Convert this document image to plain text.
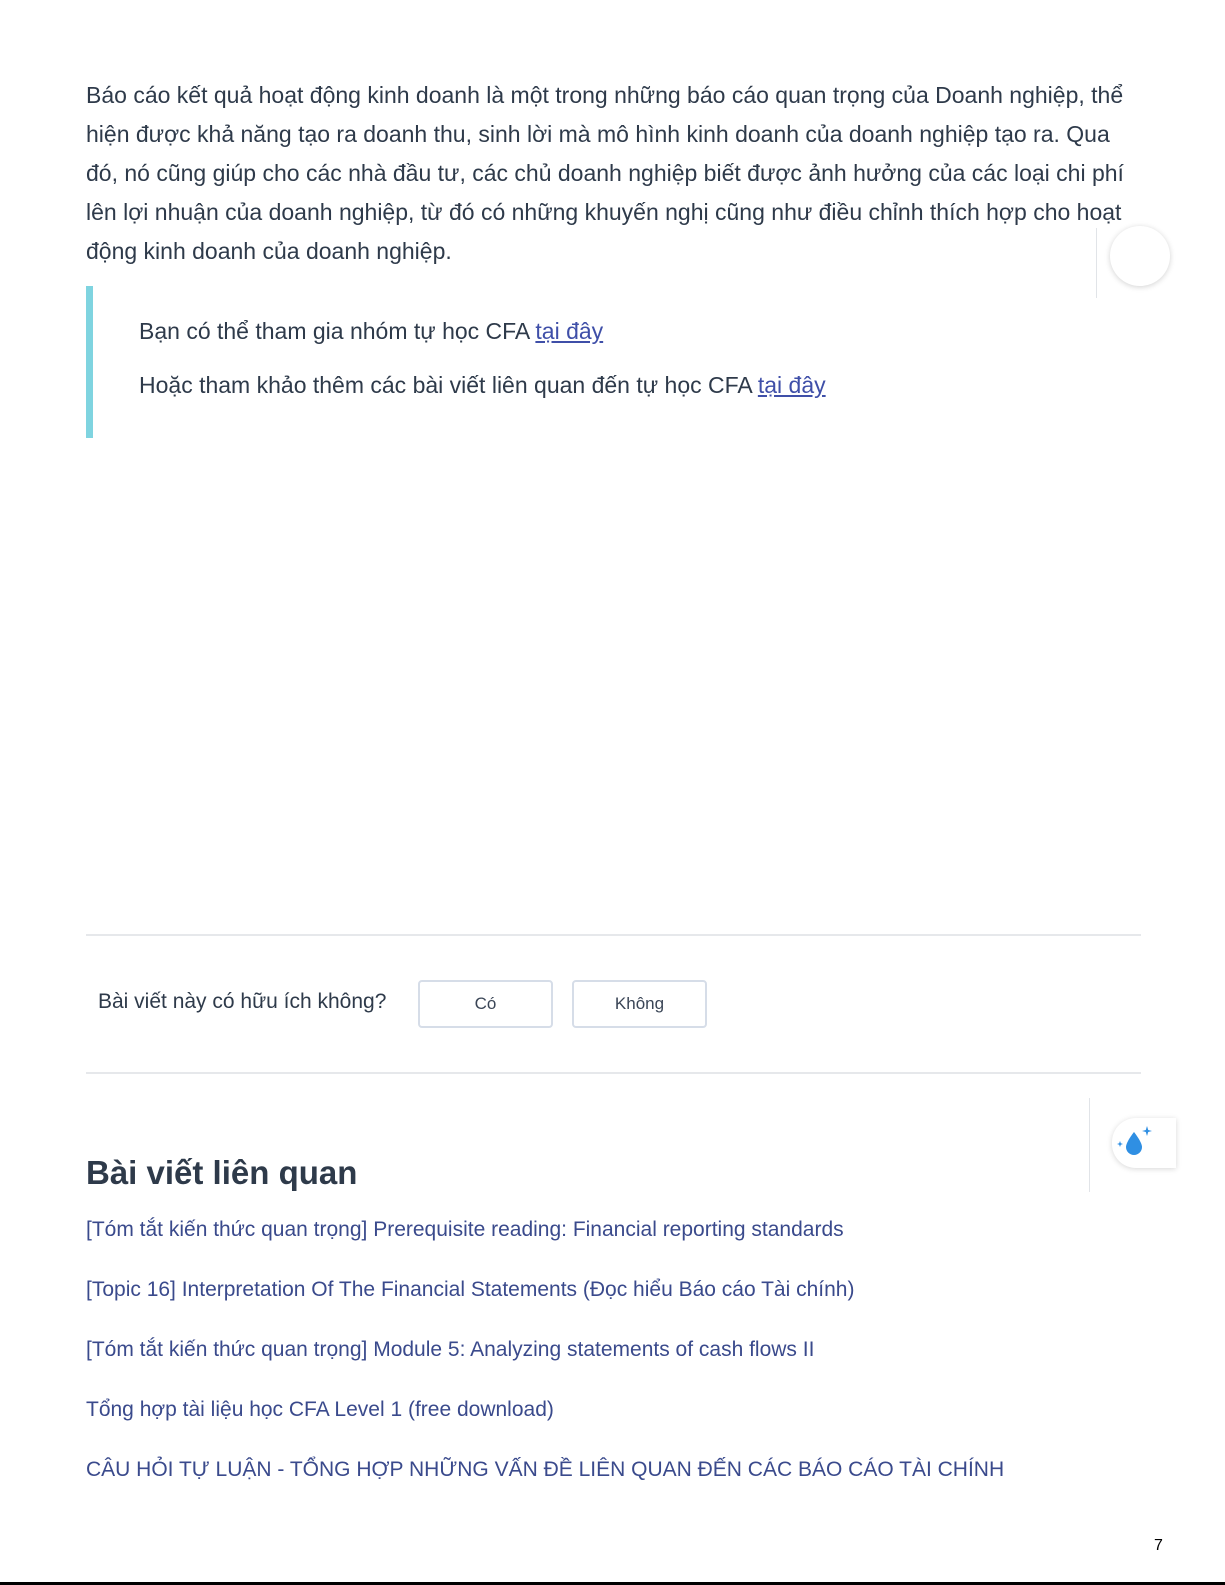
Báo cáo kết quả hoạt động kinh doanh là một trong những báo cáo quan trọng của Doanh nghiệp, thể hiện được khả năng tạo ra doanh thu, sinh lời mà mô hình kinh doanh của doanh nghiệp tạo ra. Qua đó, nó cũng giúp cho các nhà đầu tư, các chủ doanh nghiệp biết được ảnh hưởng của các loại chi phí lên lợi nhuận của doanh nghiệp, từ đó có những khuyến nghị cũng như điều chỉnh thích hợp cho hoạt động kinh doanh của doanh nghiệp.

Bạn có thể tham gia nhóm tự học CFA tại đây

Hoặc tham khảo thêm các bài viết liên quan đến tự học CFA tại đây

Bài viết này có hữu ích không?	Có	Không
Bài viết liên quan
[Tóm tắt kiến thức quan trọng] Prerequisite reading: Financial reporting standards
[Topic 16] Interpretation Of The Financial Statements (Đọc hiểu Báo cáo Tài chính)
[Tóm tắt kiến thức quan trọng] Module 5: Analyzing statements of cash flows II
Tổng hợp tài liệu học CFA Level 1 (free download)
CÂU HỎI TỰ LUẬN - TỔNG HỢP NHỮNG VẤN ĐỀ LIÊN QUAN ĐẾN CÁC BÁO CÁO TÀI CHÍNH
7
